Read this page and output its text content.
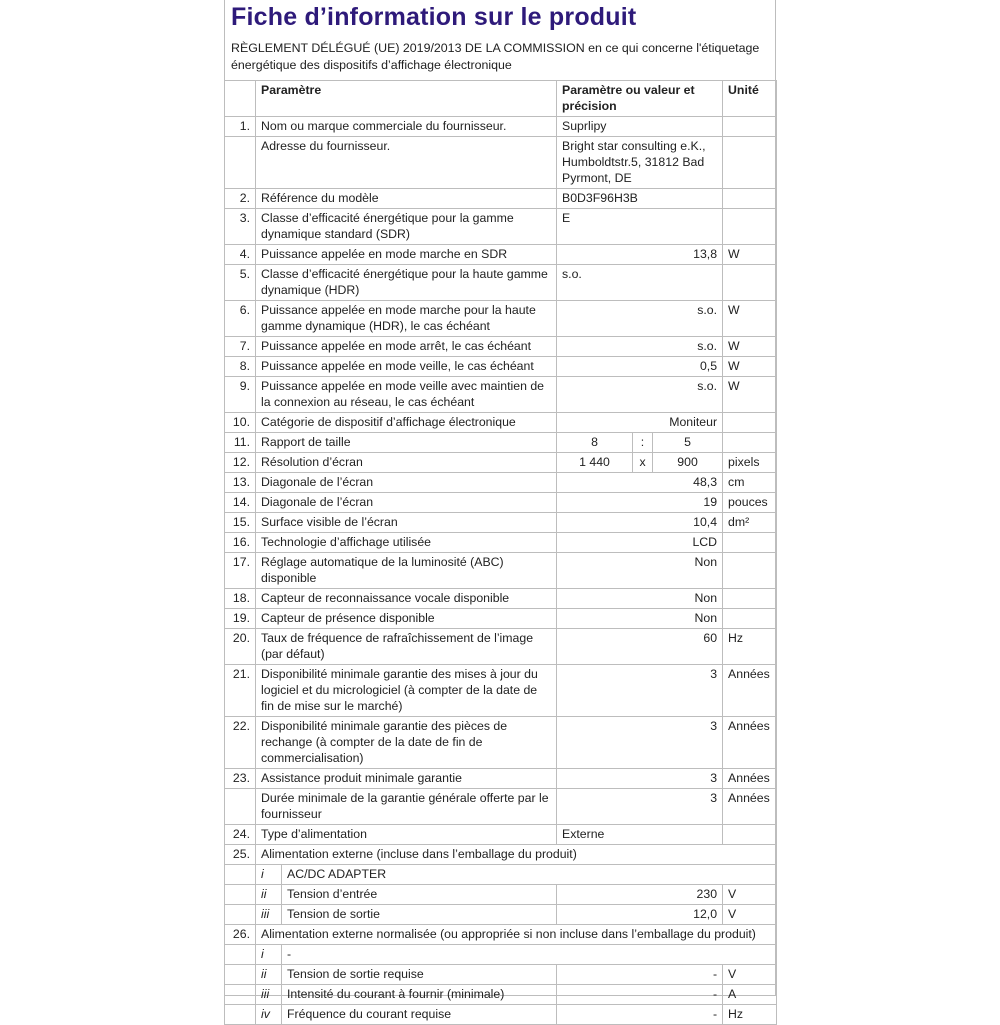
Fiche d’information sur le produit
RÈGLEMENT DÉLÉGUÉ (UE) 2019/2013 DE LA COMMISSION en ce qui concerne l'étiquetage énergétique des dispositifs d’affichage électronique
	Paramètre		Paramètre ou valeur et précision			Unité
1.	Nom ou marque commerciale du fournisseur.		Suprlipy			
	Adresse du fournisseur.		Bright star consulting e.K., Humboldtstr.5, 31812 Bad Pyrmont, DE			
2.	Référence du modèle		B0D3F96H3B			
3.	Classe d’efficacité énergétique pour la gamme dynamique standard (SDR)		E			
4.	Puissance appelée en mode marche en SDR		13,8			W
5.	Classe d’efficacité énergétique pour la haute gamme dynamique (HDR)		s.o.			
6.	Puissance appelée en mode marche pour la haute gamme dynamique (HDR), le cas échéant		s.o.			W
7.	Puissance appelée en mode arrêt, le cas échéant		s.o.			W
8.	Puissance appelée en mode veille, le cas échéant		0,5			W
9.	Puissance appelée en mode veille avec maintien de la connexion au réseau, le cas échéant		s.o.			W
10.	Catégorie de dispositif d’affichage électronique		Moniteur			
11.	Rapport de taille		8	:	5	
12.	Résolution d’écran		1 440	x	900	pixels
13.	Diagonale de l’écran		48,3			cm
14.	Diagonale de l’écran		19			pouces
15.	Surface visible de l’écran		10,4			dm²
16.	Technologie d’affichage utilisée		LCD			
17.	Réglage automatique de la luminosité (ABC) disponible		Non			
18.	Capteur de reconnaissance vocale disponible		Non			
19.	Capteur de présence disponible		Non			
20.	Taux de fréquence de rafraîchissement de l’image (par défaut)		60			Hz
21.	Disponibilité minimale garantie des mises à jour du logiciel et du micrologiciel (à compter de la date de fin de mise sur le marché)		3			Années
22.	Disponibilité minimale garantie des pièces de rechange (à compter de la date de fin de commercialisation)		3			Années
23.	Assistance produit minimale garantie		3			Années
	Durée minimale de la garantie générale offerte par le fournisseur		3			Années
24.	Type d’alimentation		Externe			
25.	Alimentation externe (incluse dans l’emballage du produit)					
	i	AC/DC ADAPTER				
	ii	Tension d’entrée	230			V
	iii	Tension de sortie	12,0			V
26.	Alimentation externe normalisée (ou appropriée si non incluse dans l’emballage du produit)					
	i	-				
	ii	Tension de sortie requise	-			V
	iii	Intensité du courant à fournir (minimale)	-			A
	iv	Fréquence du courant requise	-			Hz
